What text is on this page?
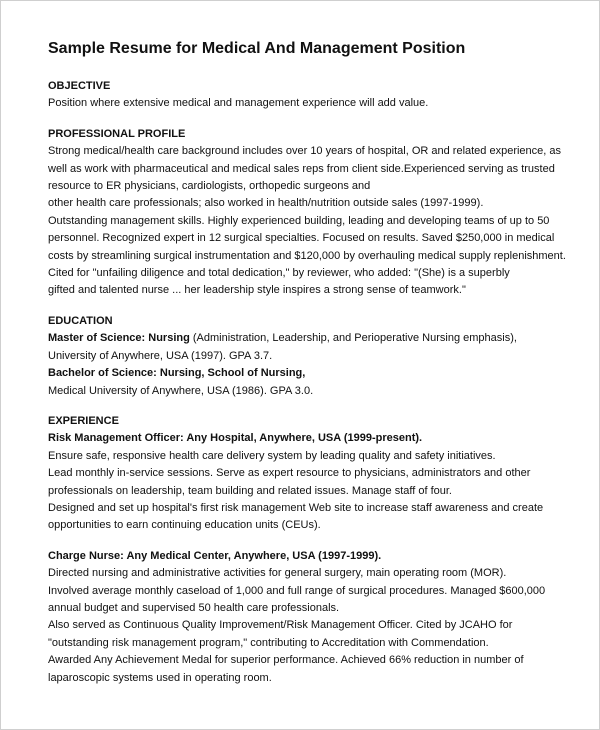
Sample Resume for Medical And Management Position
OBJECTIVE
Position where extensive medical and management experience will add value.
PROFESSIONAL PROFILE
Strong medical/health care background includes over 10 years of hospital, OR and related experience, as
well as work with pharmaceutical and medical sales reps from client side.Experienced serving as trusted
resource to ER physicians, cardiologists, orthopedic surgeons and
other health care professionals; also worked in health/nutrition outside sales (1997-1999).
Outstanding management skills. Highly experienced building, leading and developing teams of up to 50
personnel. Recognized expert in 12 surgical specialties. Focused on results. Saved $250,000 in medical
costs by streamlining surgical instrumentation and $120,000 by overhauling medical supply replenishment.
Cited for "unfailing diligence and total dedication," by reviewer, who added: "(She) is a superbly
gifted and talented nurse ... her leadership style inspires a strong sense of teamwork."
EDUCATION
Master of Science: Nursing (Administration, Leadership, and Perioperative Nursing emphasis),
University of Anywhere, USA (1997). GPA 3.7.
Bachelor of Science: Nursing, School of Nursing,
Medical University of Anywhere, USA (1986). GPA 3.0.
EXPERIENCE
Risk Management Officer: Any Hospital, Anywhere, USA (1999-present).
Ensure safe, responsive health care delivery system by leading quality and safety initiatives.
Lead monthly in-service sessions. Serve as expert resource to physicians, administrators and other
professionals on leadership, team building and related issues. Manage staff of four.
Designed and set up hospital's first risk management Web site to increase staff awareness and create
opportunities to earn continuing education units (CEUs).
Charge Nurse: Any Medical Center, Anywhere, USA (1997-1999).
Directed nursing and administrative activities for general surgery, main operating room (MOR).
Involved average monthly caseload of 1,000 and full range of surgical procedures. Managed $600,000
annual budget and supervised 50 health care professionals.
Also served as Continuous Quality Improvement/Risk Management Officer. Cited by JCAHO for
"outstanding risk management program," contributing to Accreditation with Commendation.
Awarded Any Achievement Medal for superior performance. Achieved 66% reduction in number of
laparoscopic systems used in operating room.
